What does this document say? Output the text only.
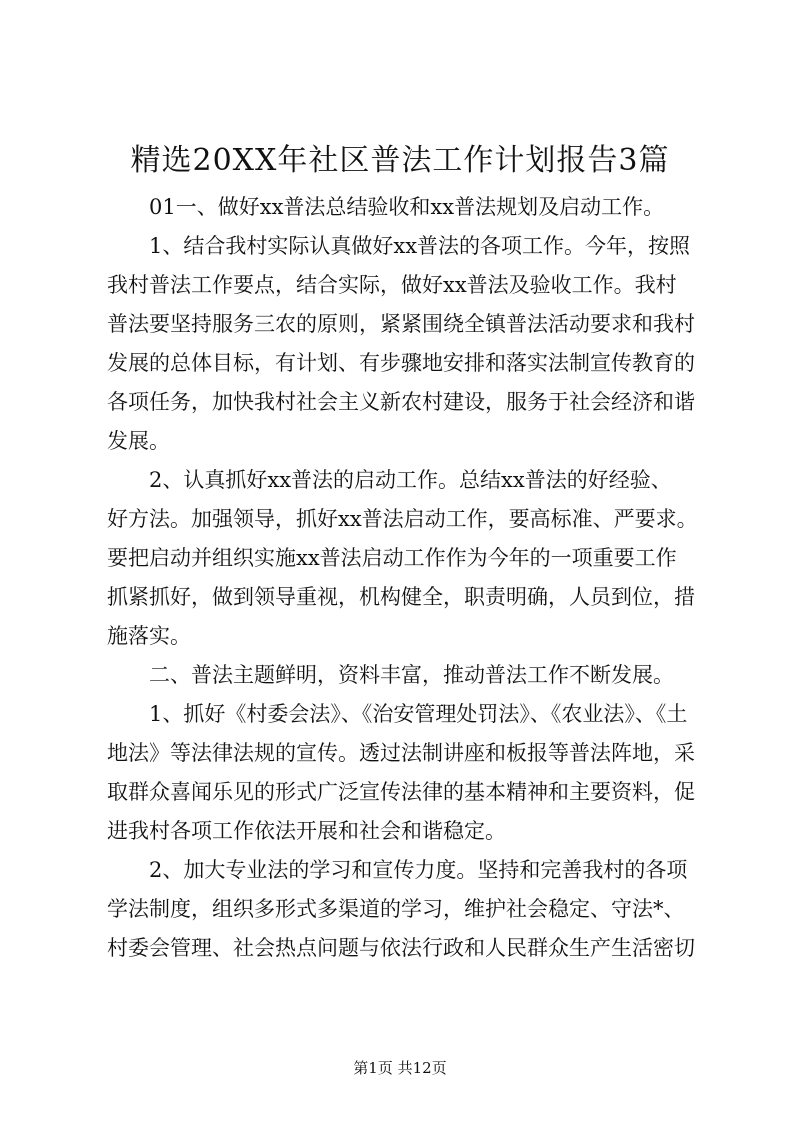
精选20XX年社区普法工作计划报告3篇
01一、做好xx普法总结验收和xx普法规划及启动工作。
1、结合我村实际认真做好xx普法的各项工作。今年，按照
我村普法工作要点，结合实际，做好xx普法及验收工作。我村
普法要坚持服务三农的原则，紧紧围绕全镇普法活动要求和我村
发展的总体目标，有计划、有步骤地安排和落实法制宣传教育的
各项任务，加快我村社会主义新农村建设，服务于社会经济和谐
发展。
2、认真抓好xx普法的启动工作。总结xx普法的好经验、
好方法。加强领导，抓好xx普法启动工作，要高标准、严要求。
要把启动并组织实施xx普法启动工作作为今年的一项重要工作
抓紧抓好，做到领导重视，机构健全，职责明确，人员到位，措
施落实。
二、普法主题鲜明，资料丰富，推动普法工作不断发展。
1、抓好《村委会法》、《治安管理处罚法》、《农业法》、《土
地法》等法律法规的宣传。透过法制讲座和板报等普法阵地，采
取群众喜闻乐见的形式广泛宣传法律的基本精神和主要资料，促
进我村各项工作依法开展和社会和谐稳定。
2、加大专业法的学习和宣传力度。坚持和完善我村的各项
学法制度，组织多形式多渠道的学习，维护社会稳定、守法*、
村委会管理、社会热点问题与依法行政和人民群众生产生活密切
第1页 共12页
